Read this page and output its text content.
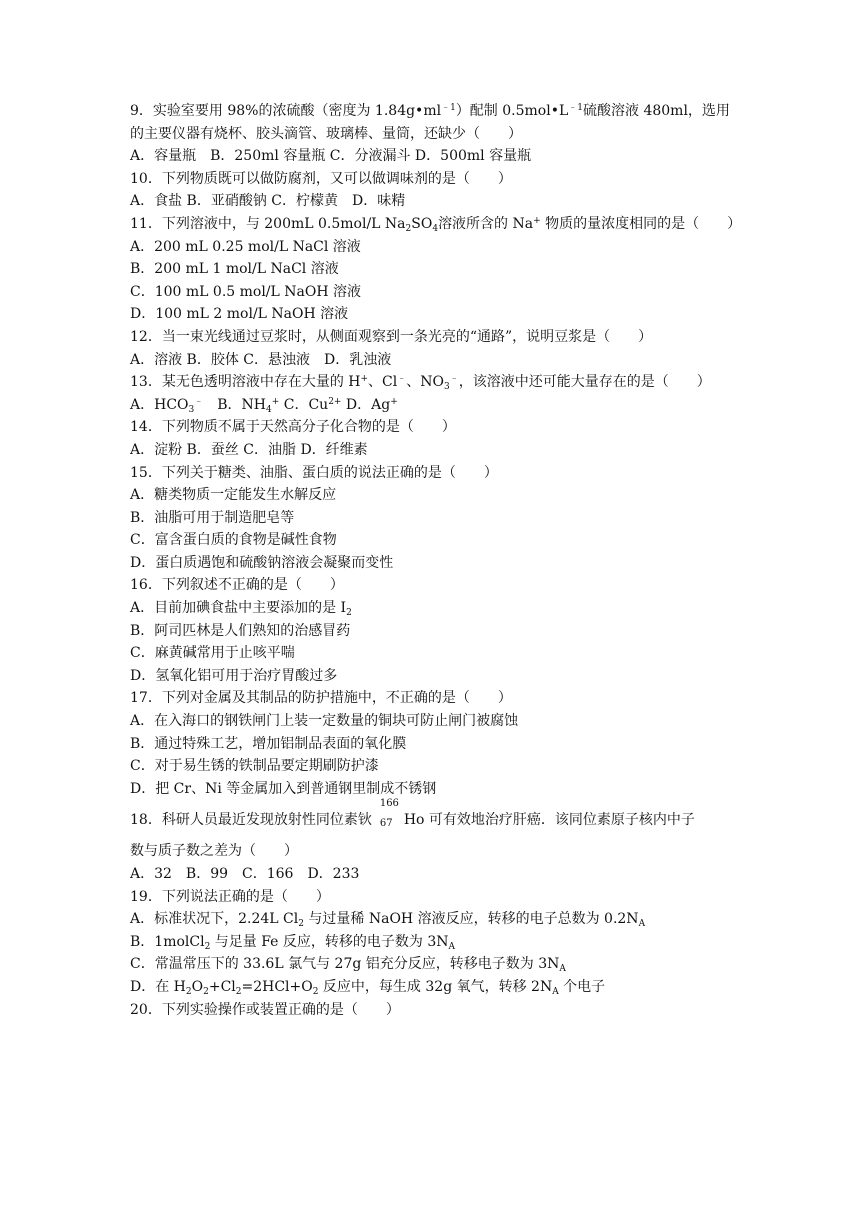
9．实验室要用 98%的浓硫酸（密度为 $1.84g•ml^{﹣1}$）配制 $0.5mol•L^{﹣1}$硫酸溶液 480ml，选用
的主要仪器有烧杯、胶头滴管、玻璃棒、量筒，还缺少（　　）
A．容量瓶　B．250ml 容量瓶 C．分液漏斗 D．500ml 容量瓶
10．下列物质既可以做防腐剂，又可以做调味剂的是（　　）
A．食盐 B．亚硝酸钠 C．柠檬黄　D．味精
11．下列溶液中，与 200mL 0.5mol/L $Na_2SO_4$溶液所含的 Na+ 物质的量浓度相同的是（　　）
A．200 mL 0.25 mol/L NaCl 溶液
B．200 mL 1 mol/L NaCl 溶液
C．100 mL 0.5 mol/L NaOH 溶液
D．100 mL 2 mol/L NaOH 溶液
12．当一束光线通过豆浆时，从侧面观察到一条光亮的“通路”，说明豆浆是（　　）
A．溶液 B．胶体 C．悬浊液　D．乳浊液
13．某无色透明溶液中存在大量的 H+、Cl﹣、$NO_3^﹣$，该溶液中还可能大量存在的是（　　）
A．$HCO_3^﹣$　B．$NH_4^+$ C．$Cu^{2+}$ D．Ag+
14．下列物质不属于天然高分子化合物的是（　　）
A．淀粉 B．蚕丝 C．油脂 D．纤维素
15．下列关于糖类、油脂、蛋白质的说法正确的是（　　）
A．糖类物质一定能发生水解反应
B．油脂可用于制造肥皂等
C．富含蛋白质的食物是碱性食物
D．蛋白质遇饱和硫酸钠溶液会凝聚而变性
16．下列叙述不正确的是（　　）
A．目前加碘食盐中主要添加的是 $I_2$
B．阿司匹林是人们熟知的治感冒药
C．麻黄碱常用于止咳平喘
D．氢氧化铝可用于治疗胃酸过多
17．下列对金属及其制品的防护措施中，不正确的是（　　）
A．在入海口的钢铁闸门上装一定数量的铜块可防止闸门被腐蚀
B．通过特殊工艺，增加铝制品表面的氧化膜
C．对于易生锈的铁制品要定期刷防护漆
D．把 Cr、Ni 等金属加入到普通钢里制成不锈钢
18．科研人员最近发现放射性同位素钬
166
67 Ho 可有效地治疗肝癌．该同位素原子核内中子
数与质子数之差为（　　）
A．32　B．99　C．166　D．233
19．下列说法正确的是（　　）
A．标准状况下，2.24L $Cl_2$ 与过量稀 NaOH 溶液反应，转移的电子总数为 $0.2N_A$
B．1molCl$_2$ 与足量 Fe 反应，转移的电子数为 $3N_A$
C．常温常压下的 33.6L 氯气与 27g 铝充分反应，转移电子数为 $3N_A$
D．在 $H_2O_2+Cl_2=2HCl+O_2$ 反应中，每生成 32g 氧气，转移 $2N_A$ 个电子
20．下列实验操作或装置正确的是（　　）
